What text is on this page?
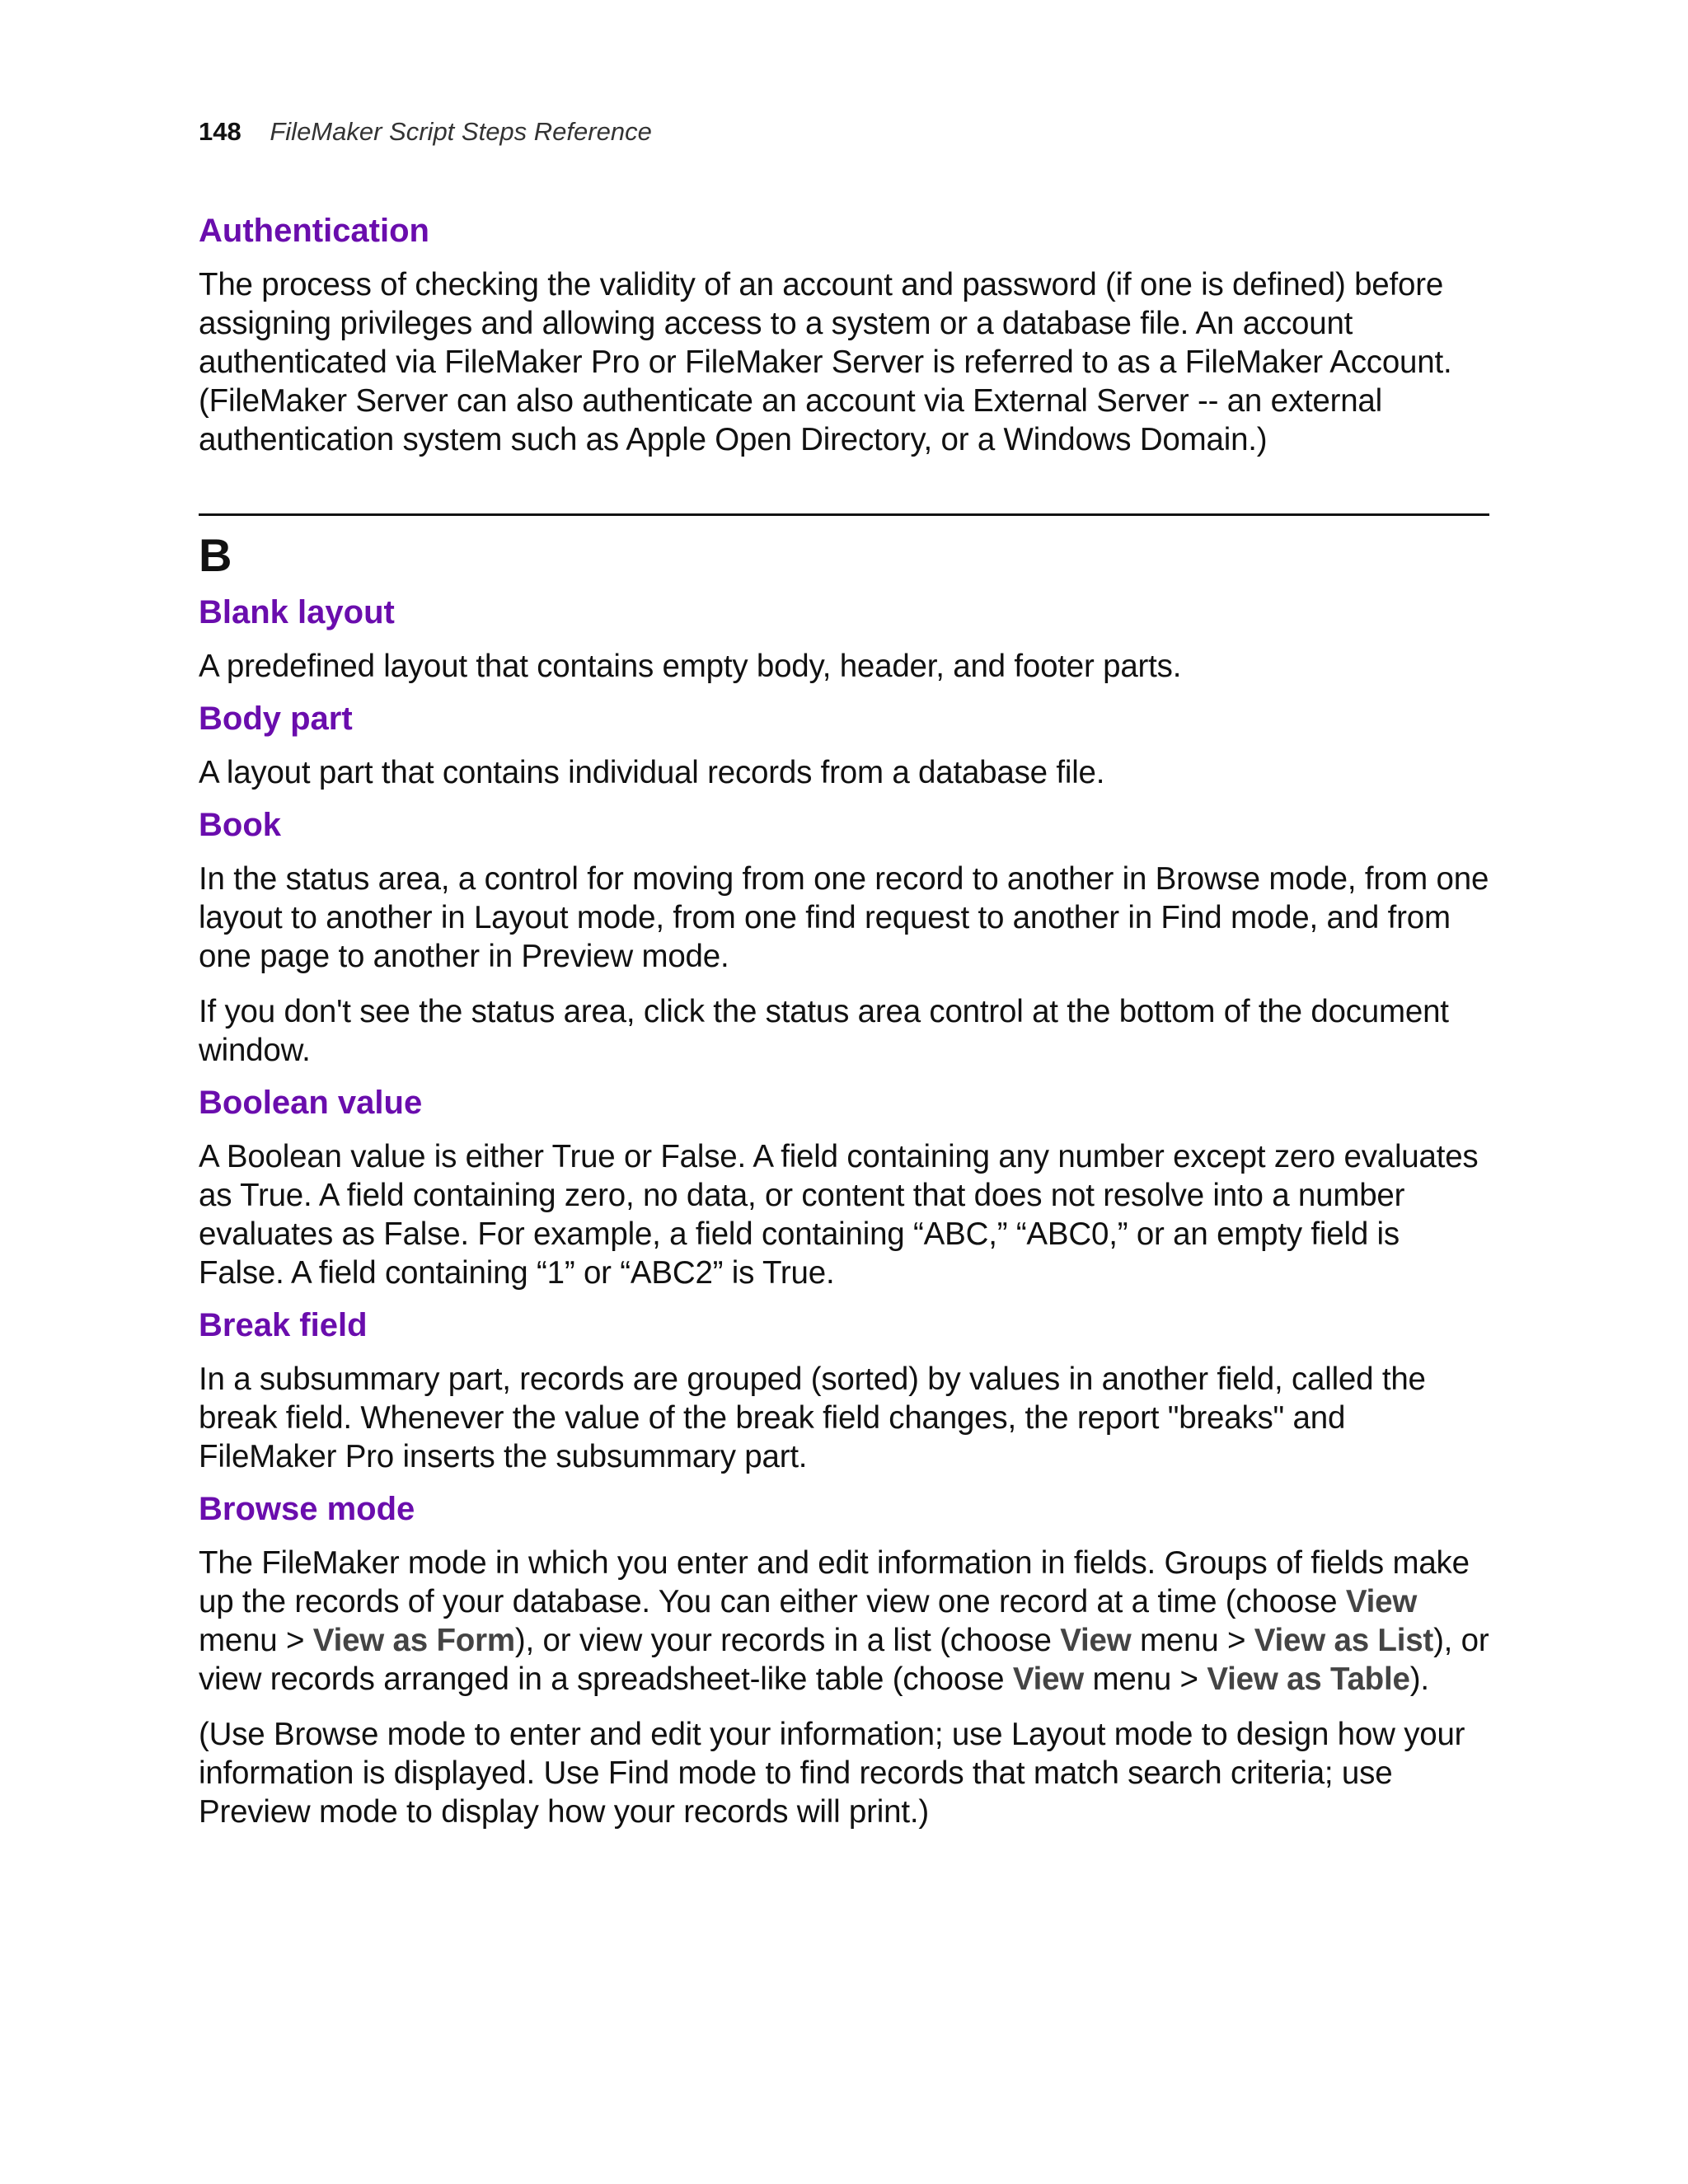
148 FileMaker Script Steps Reference
Authentication

The process of checking the validity of an account and password (if one is defined) before assigning privileges and allowing access to a system or a database file. An account authenticated via FileMaker Pro or FileMaker Server is referred to as a FileMaker Account. (FileMaker Server can also authenticate an account via External Server -- an external authentication system such as Apple Open Directory, or a Windows Domain.)

B
Blank layout

A predefined layout that contains empty body, header, and footer parts.

Body part

A layout part that contains individual records from a database file.

Book

In the status area, a control for moving from one record to another in Browse mode, from one layout to another in Layout mode, from one find request to another in Find mode, and from one page to another in Preview mode.

If you don't see the status area, click the status area control at the bottom of the document window.

Boolean value

A Boolean value is either True or False. A field containing any number except zero evaluates as True. A field containing zero, no data, or content that does not resolve into a number evaluates as False. For example, a field containing “ABC,” “ABC0,” or an empty field is False. A field containing “1” or “ABC2” is True.

Break field

In a subsummary part, records are grouped (sorted) by values in another field, called the break field. Whenever the value of the break field changes, the report "breaks" and FileMaker Pro inserts the subsummary part.

Browse mode

The FileMaker mode in which you enter and edit information in fields. Groups of fields make up the records of your database. You can either view one record at a time (choose View menu > View as Form), or view your records in a list (choose View menu > View as List), or view records arranged in a spreadsheet-like table (choose View menu > View as Table).

(Use Browse mode to enter and edit your information; use Layout mode to design how your information is displayed. Use Find mode to find records that match search criteria; use Preview mode to display how your records will print.)
